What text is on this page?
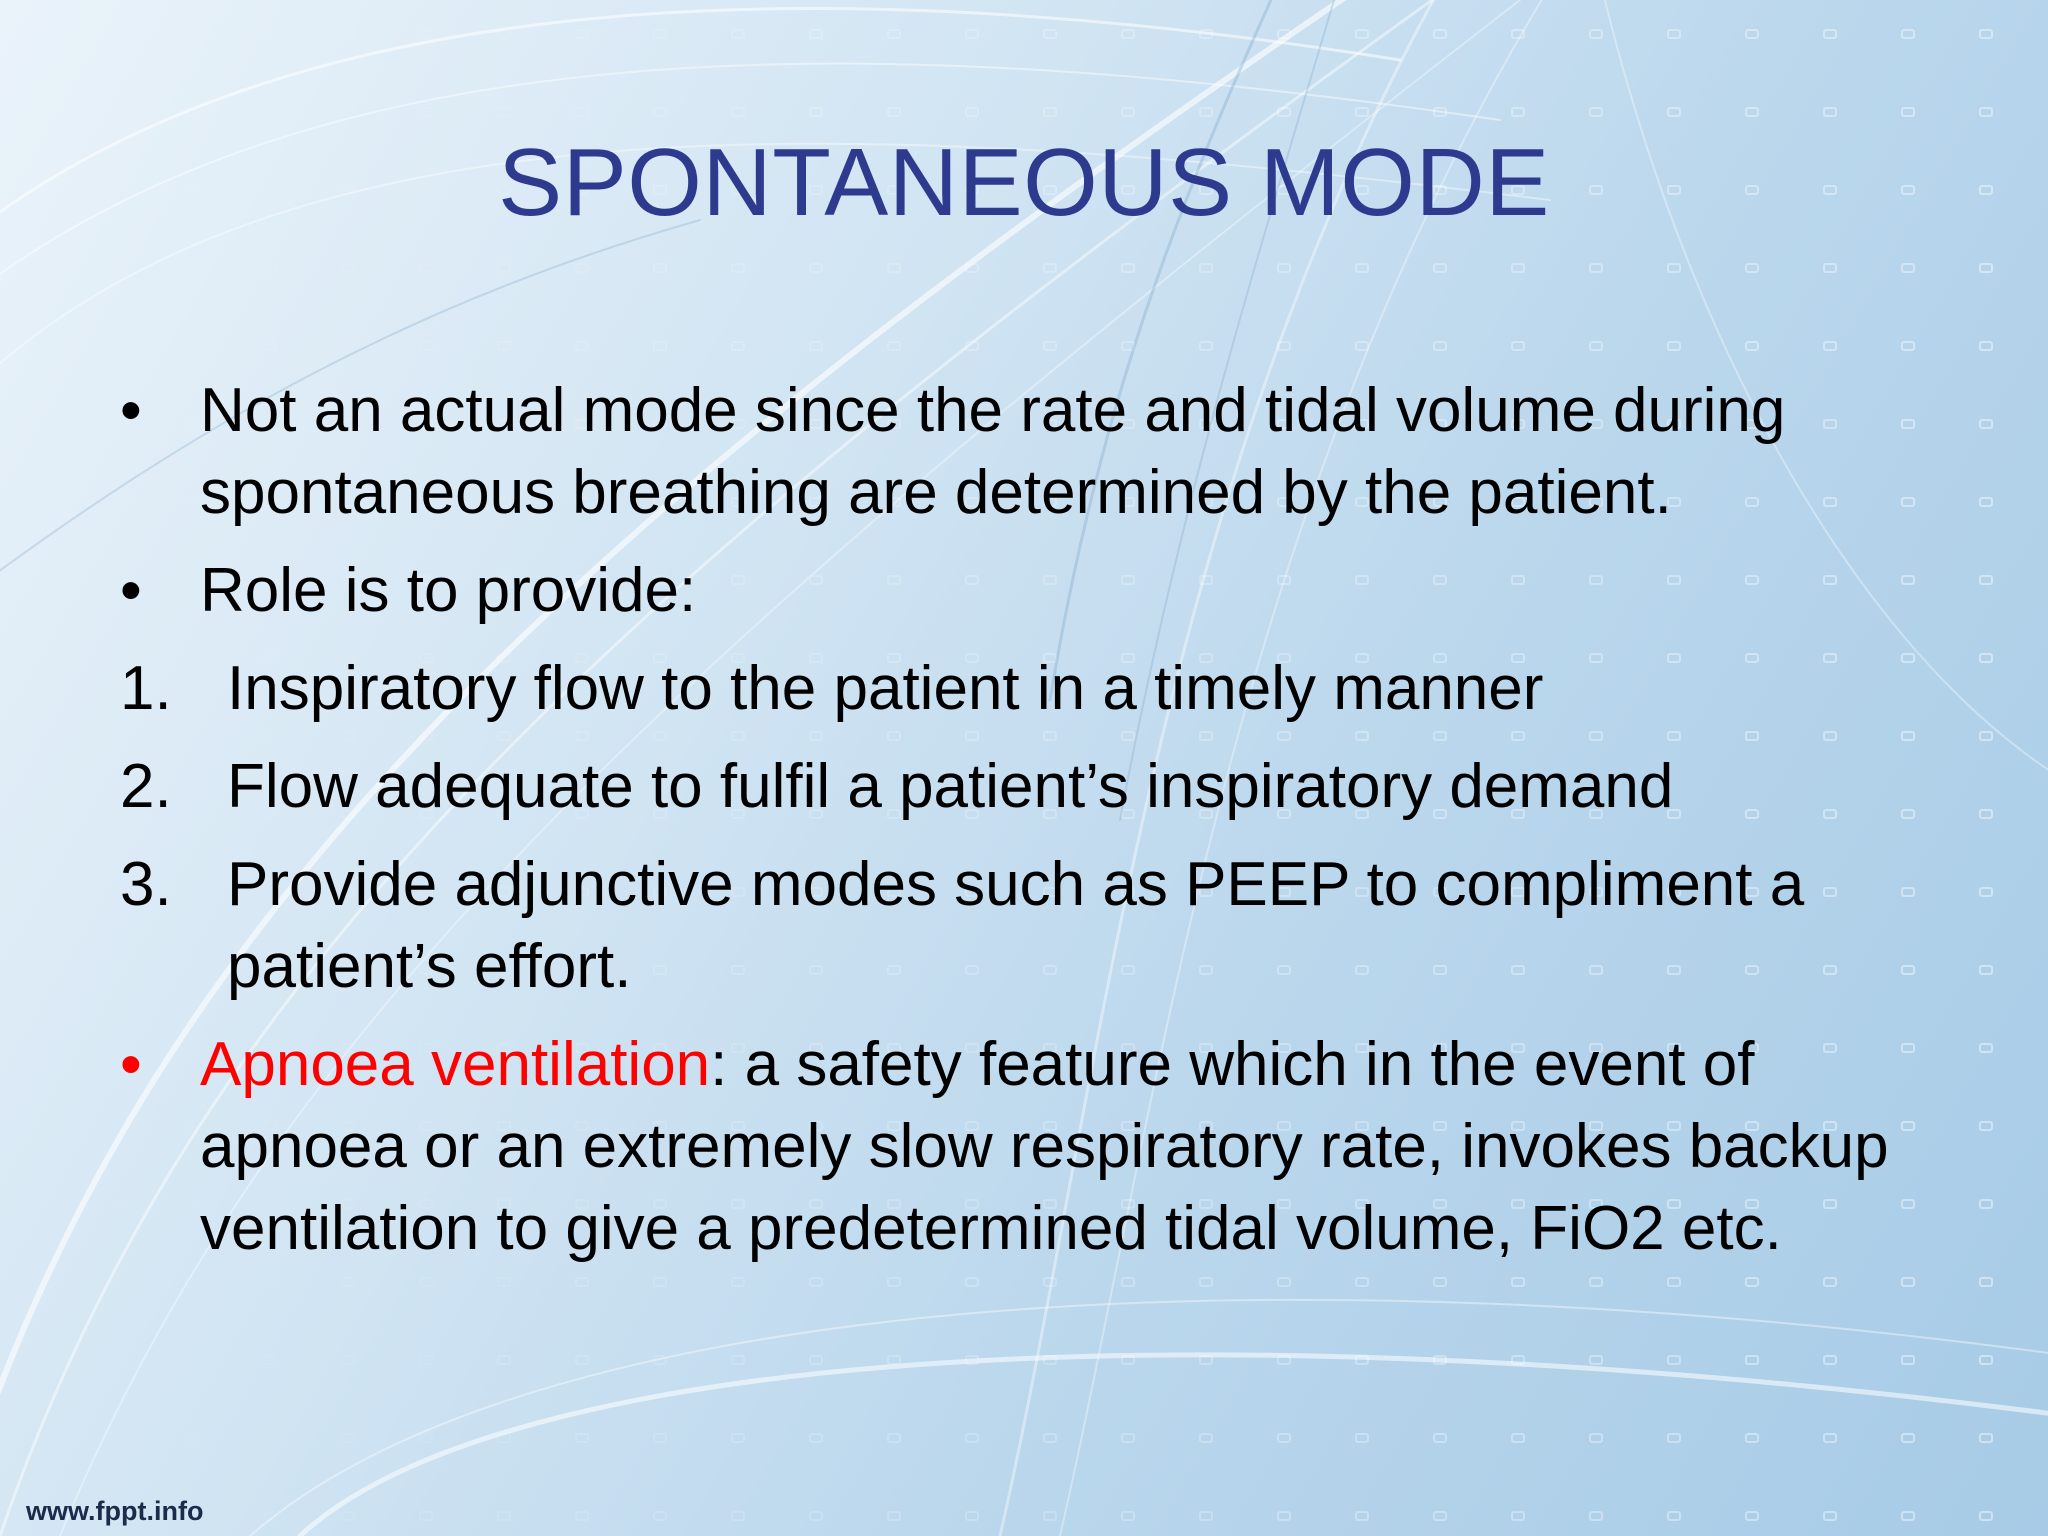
SPONTANEOUS MODE
• Not an actual mode since the rate and tidal volume during spontaneous breathing are determined by the patient.
• Role is to provide:
1. Inspiratory flow to the patient in a timely manner
2. Flow adequate to fulfil a patient’s inspiratory demand
3. Provide adjunctive modes such as PEEP to compliment a patient’s effort.
• Apnoea ventilation: a safety feature which in the event of apnoea or an extremely slow respiratory rate, invokes backup ventilation to give a predetermined tidal volume, FiO2 etc.
www.fppt.info
